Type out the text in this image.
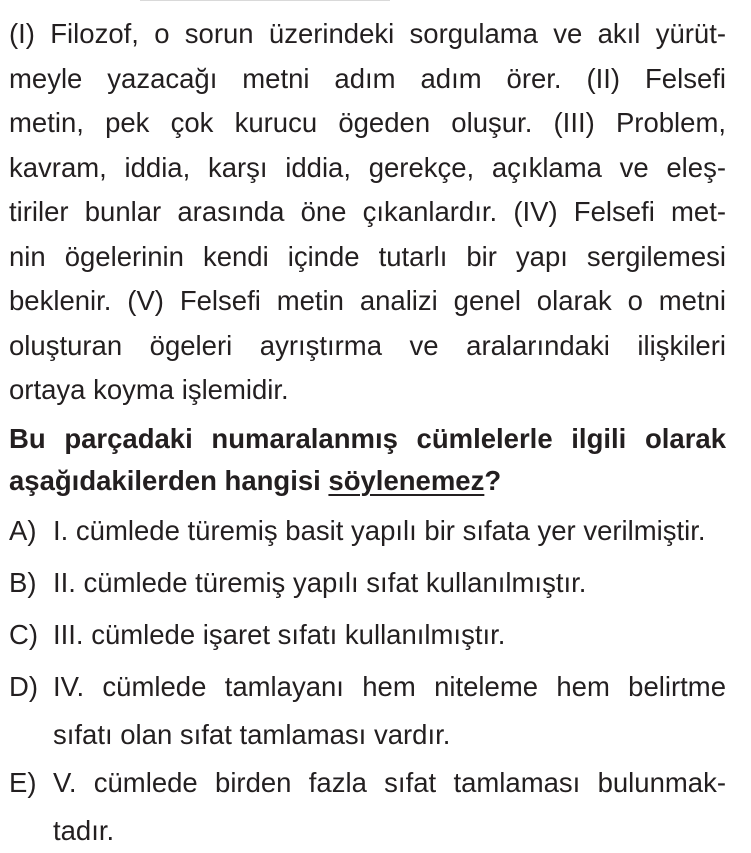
(I) Filozof, o sorun üzerindeki sorgulama ve akıl yürüt-
meyle yazacağı metni adım adım örer. (II) Felsefi
metin, pek çok kurucu ögeden oluşur. (III) Problem,
kavram, iddia, karşı iddia, gerekçe, açıklama ve eleş-
tiriler bunlar arasında öne çıkanlardır. (IV) Felsefi met-
nin ögelerinin kendi içinde tutarlı bir yapı sergilemesi
beklenir. (V) Felsefi metin analizi genel olarak o metni
oluşturan ögeleri ayrıştırma ve aralarındaki ilişkileri
ortaya koyma işlemidir.
Bu parçadaki numaralanmış cümlelerle ilgili olarak
aşağıdakilerden hangisi söylenemez?
A) I. cümlede türemiş basit yapılı bir sıfata yer verilmiştir.
B) II. cümlede türemiş yapılı sıfat kullanılmıştır.
C) III. cümlede işaret sıfatı kullanılmıştır.
D) IV. cümlede tamlayanı hem niteleme hem belirtme
sıfatı olan sıfat tamlaması vardır.
E) V. cümlede birden fazla sıfat tamlaması bulunmak-
tadır.
